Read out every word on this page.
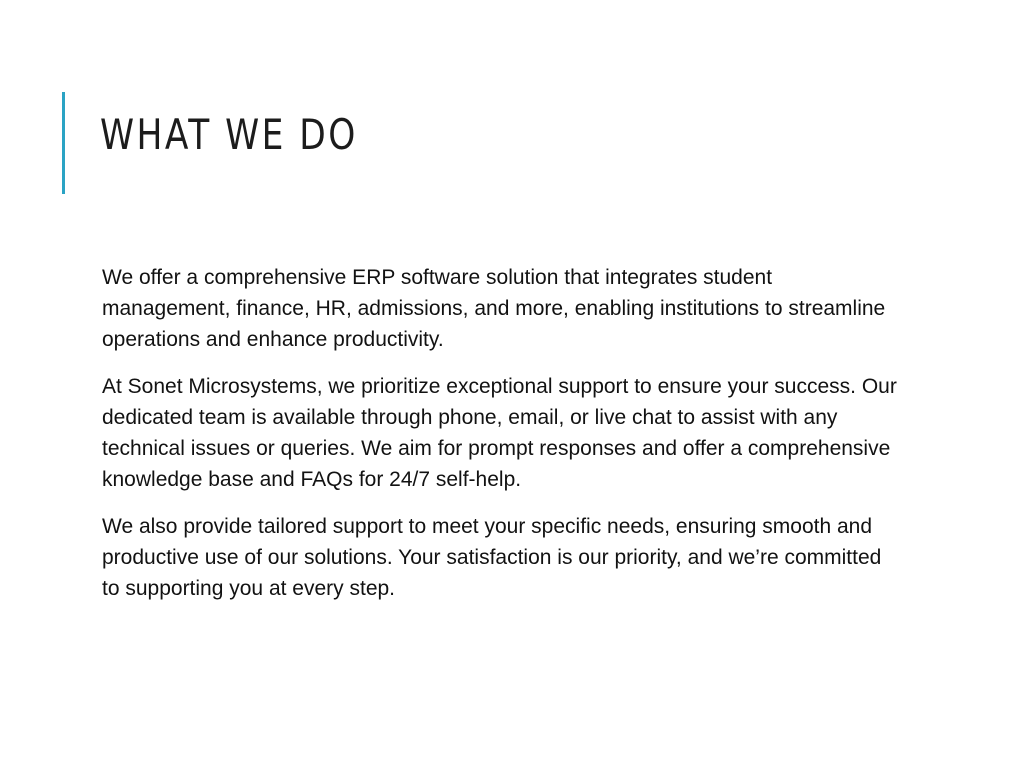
WHAT WE DO

We offer a comprehensive ERP software solution that integrates student management, finance, HR, admissions, and more, enabling institutions to streamline operations and enhance productivity.

At Sonet Microsystems, we prioritize exceptional support to ensure your success. Our dedicated team is available through phone, email, or live chat to assist with any technical issues or queries. We aim for prompt responses and offer a comprehensive knowledge base and FAQs for 24/7 self-help.

We also provide tailored support to meet your specific needs, ensuring smooth and productive use of our solutions. Your satisfaction is our priority, and we’re committed to supporting you at every step.
